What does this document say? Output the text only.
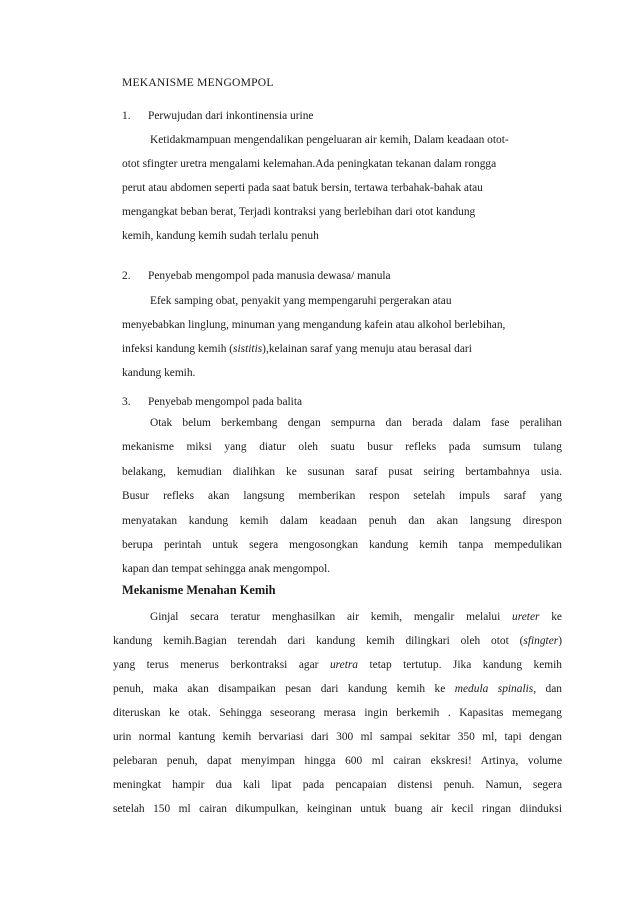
MEKANISME MENGOMPOL
1. Perwujudan dari inkontinensia urine
Ketidakmampuan mengendalikan pengeluaran air kemih, Dalam keadaan otot-
otot sfingter uretra mengalami kelemahan.Ada peningkatan tekanan dalam rongga
perut atau abdomen seperti pada saat batuk bersin, tertawa terbahak-bahak atau
mengangkat beban berat, Terjadi kontraksi yang berlebihan dari otot kandung
kemih, kandung kemih sudah terlalu penuh
2. Penyebab mengompol pada manusia dewasa/ manula
Efek samping obat, penyakit yang mempengaruhi pergerakan atau
menyebabkan linglung, minuman yang mengandung kafein atau alkohol berlebihan,
infeksi kandung kemih (sistitis),kelainan saraf yang menuju atau berasal dari
kandung kemih.
3. Penyebab mengompol pada balita
Otak belum berkembang dengan sempurna dan berada dalam fase peralihan
mekanisme miksi yang diatur oleh suatu busur refleks pada sumsum tulang
belakang, kemudian dialihkan ke susunan saraf pusat seiring bertambahnya usia.
Busur refleks akan langsung memberikan respon setelah impuls saraf yang
menyatakan kandung kemih dalam keadaan penuh dan akan langsung direspon
berupa perintah untuk segera mengosongkan kandung kemih tanpa mempedulikan
kapan dan tempat sehingga anak mengompol.
Mekanisme Menahan Kemih
Ginjal secara teratur menghasilkan air kemih, mengalir melalui ureter ke
kandung kemih.Bagian terendah dari kandung kemih dilingkari oleh otot (sfingter)
yang terus menerus berkontraksi agar uretra tetap tertutup. Jika kandung kemih
penuh, maka akan disampaikan pesan dari kandung kemih ke medula spinalis, dan
diteruskan ke otak. Sehingga seseorang merasa ingin berkemih . Kapasitas memegang
urin normal kantung kemih bervariasi dari 300 ml sampai sekitar 350 ml, tapi dengan
pelebaran penuh, dapat menyimpan hingga 600 ml cairan ekskresi! Artinya, volume
meningkat hampir dua kali lipat pada pencapaian distensi penuh. Namun, segera
setelah 150 ml cairan dikumpulkan, keinginan untuk buang air kecil ringan diinduksi
